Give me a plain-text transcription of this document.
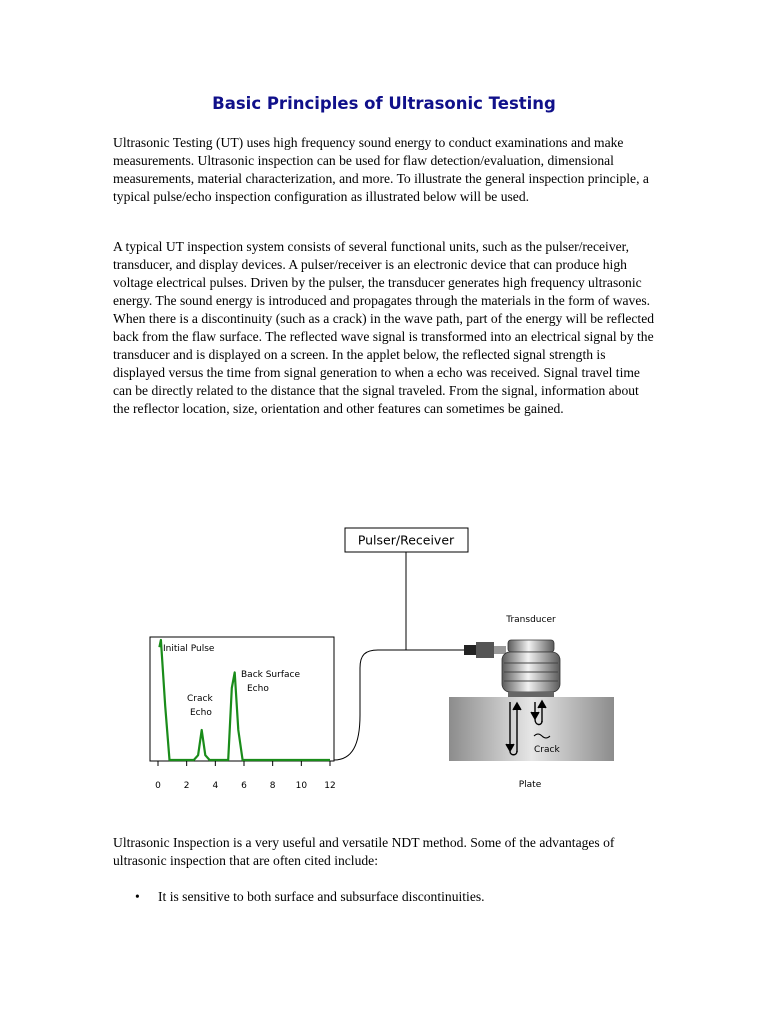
Basic Principles of Ultrasonic Testing

Ultrasonic Testing (UT) uses high frequency sound energy to conduct examinations and make measurements. Ultrasonic inspection can be used for flaw detection/evaluation, dimensional measurements, material characterization, and more. To illustrate the general inspection principle, a typical pulse/echo inspection configuration as illustrated below will be used.

A typical UT inspection system consists of several functional units, such as the pulser/receiver, transducer, and display devices. A pulser/receiver is an electronic device that can produce high voltage electrical pulses. Driven by the pulser, the transducer generates high frequency ultrasonic energy. The sound energy is introduced and propagates through the materials in the form of waves. When there is a discontinuity (such as a crack) in the wave path, part of the energy will be reflected back from the flaw surface. The reflected wave signal is transformed into an electrical signal by the transducer and is displayed on a screen. In the applet below, the reflected signal strength is displayed versus the time from signal generation to when a echo was received. Signal travel time can be directly related to the distance that the signal traveled. From the signal, information about the reflector location, size, orientation and other features can sometimes be gained.

Pulser/Receiver
Transducer
Plate
Crack
Initial Pulse
Back Surface
Echo
Crack
Echo
0	2	4	6	8 10 12

Ultrasonic Inspection is a very useful and versatile NDT method. Some of the advantages of ultrasonic inspection that are often cited include:

• It is sensitive to both surface and subsurface discontinuities.
